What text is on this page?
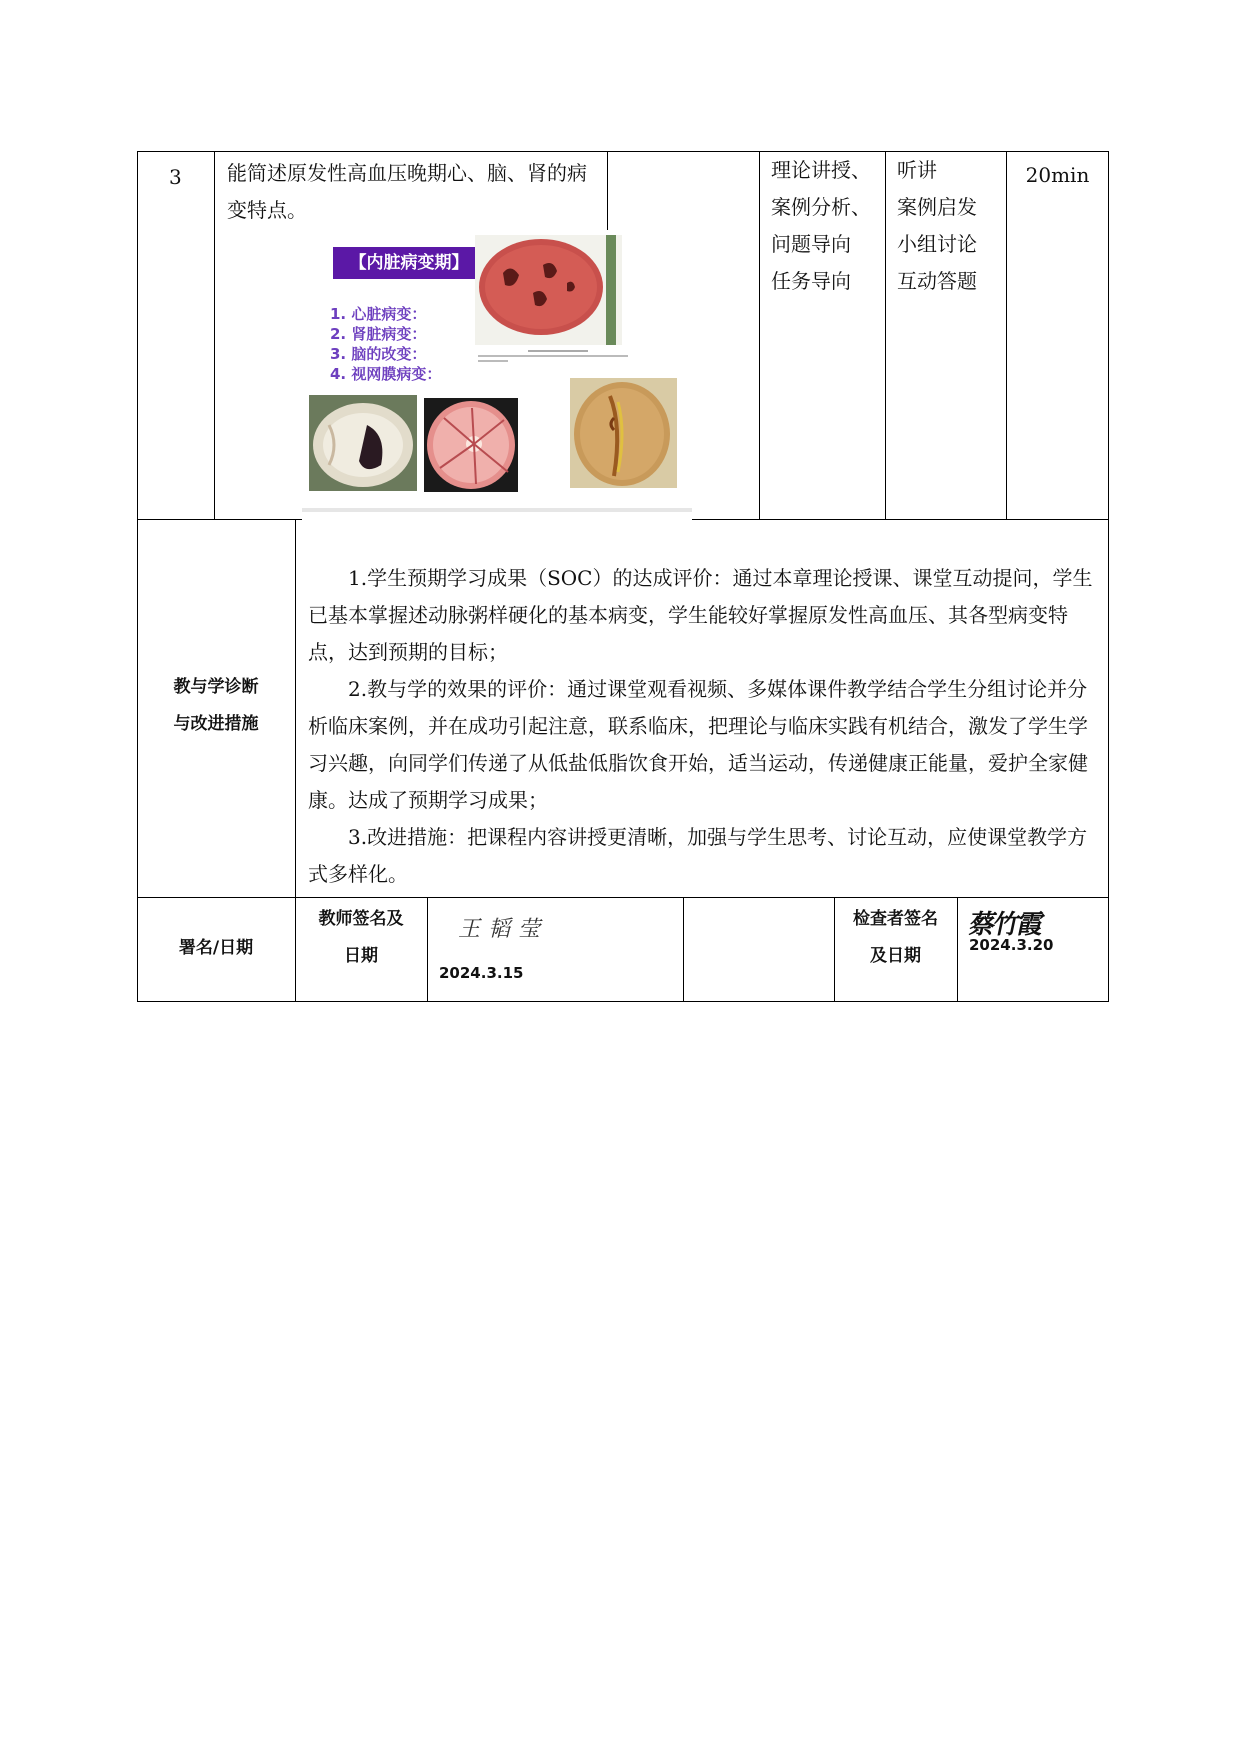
3	能简述原发性高血压晚期心、脑、肾的病变特点。
【内脏病变期】
1. 心脏病变：
2. 肾脏病变：
3. 脑的改变：
4. 视网膜病变：
理论讲授、
案例分析、
问题导向
任务导向
听讲
案例启发
小组讨论
互动答题
20min
教与学诊断
与改进措施

1.学生预期学习成果（SOC）的达成评价：通过本章理论授课、课堂互动提问，学生已基本掌握述动脉粥样硬化的基本病变，学生能较好掌握原发性高血压、其各型病变特点，达到预期的目标；

2.教与学的效果的评价：通过课堂观看视频、多媒体课件教学结合学生分组讨论并分析临床案例，并在成功引起注意，联系临床，把理论与临床实践有机结合，激发了学生学习兴趣，向同学们传递了从低盐低脂饮食开始，适当运动，传递健康正能量，爱护全家健康。达成了预期学习成果；

3.改进措施：把课程内容讲授更清晰，加强与学生思考、讨论互动，应使课堂教学方式多样化。

署名/日期
教师签名及
日期
王韬莹
2024.3.15
检查者签名
及日期
蔡竹霞
2024.3.20
